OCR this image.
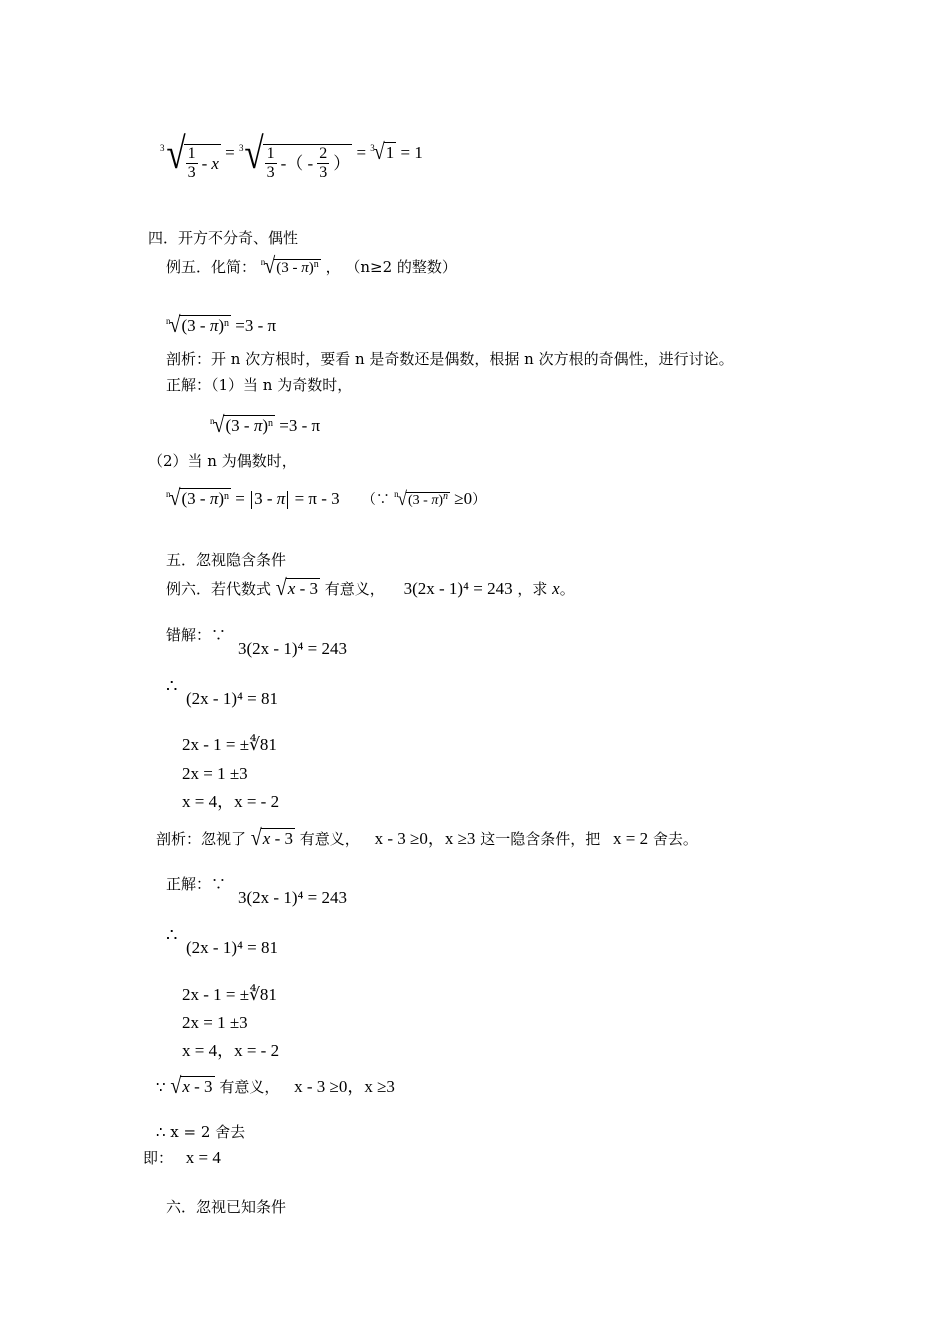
$^3√ \frac{1}{3}$ - x
= $^3√ \frac{1}{3}$ -（ - $\frac{2}{3}$ ） = $^3$√1 = 1
四．开方不分奇、偶性
例五．化简： $^n$√(3 - π)$^n$ ， （n≥2 的整数）
$^n$√(3 - π)$^n$ =3 - π
剖析：开 n 次方根时，要看 n 是奇数还是偶数，根据 n 次方根的奇偶性，进行讨论。
正解：（1）当 n 为奇数时，
$^n$√(3 - π)$^n$ =3 - π
（2）当 n 为偶数时，
$^n$√(3 - π)$^n$ = 3 - π = π - 3 （∵ $^n$√(3 - π)$^n$ ≥0）
五．忽视隐含条件
例六．若代数式 √x - 3 有意义， 3(2x - 1)⁴ = 243 ，求 x。
错解：∵
3(2x - 1)⁴ = 243
∴
(2x - 1)⁴ = 81
2x - 1 = ±∜81
2x = 1 ±3
x = 4，x = - 2
剖析：忽视了 √x - 3 有意义， x - 3 ≥0，x ≥3 这一隐含条件，把 x = 2 舍去。
正解：∵
3(2x - 1)⁴ = 243
∴
(2x - 1)⁴ = 81
2x - 1 = ±∜81
2x = 1 ±3
x = 4，x = - 2
∵ √x - 3 有意义， x - 3 ≥0，x ≥3
∴ x = 2 舍去
即： x = 4
六．忽视已知条件
